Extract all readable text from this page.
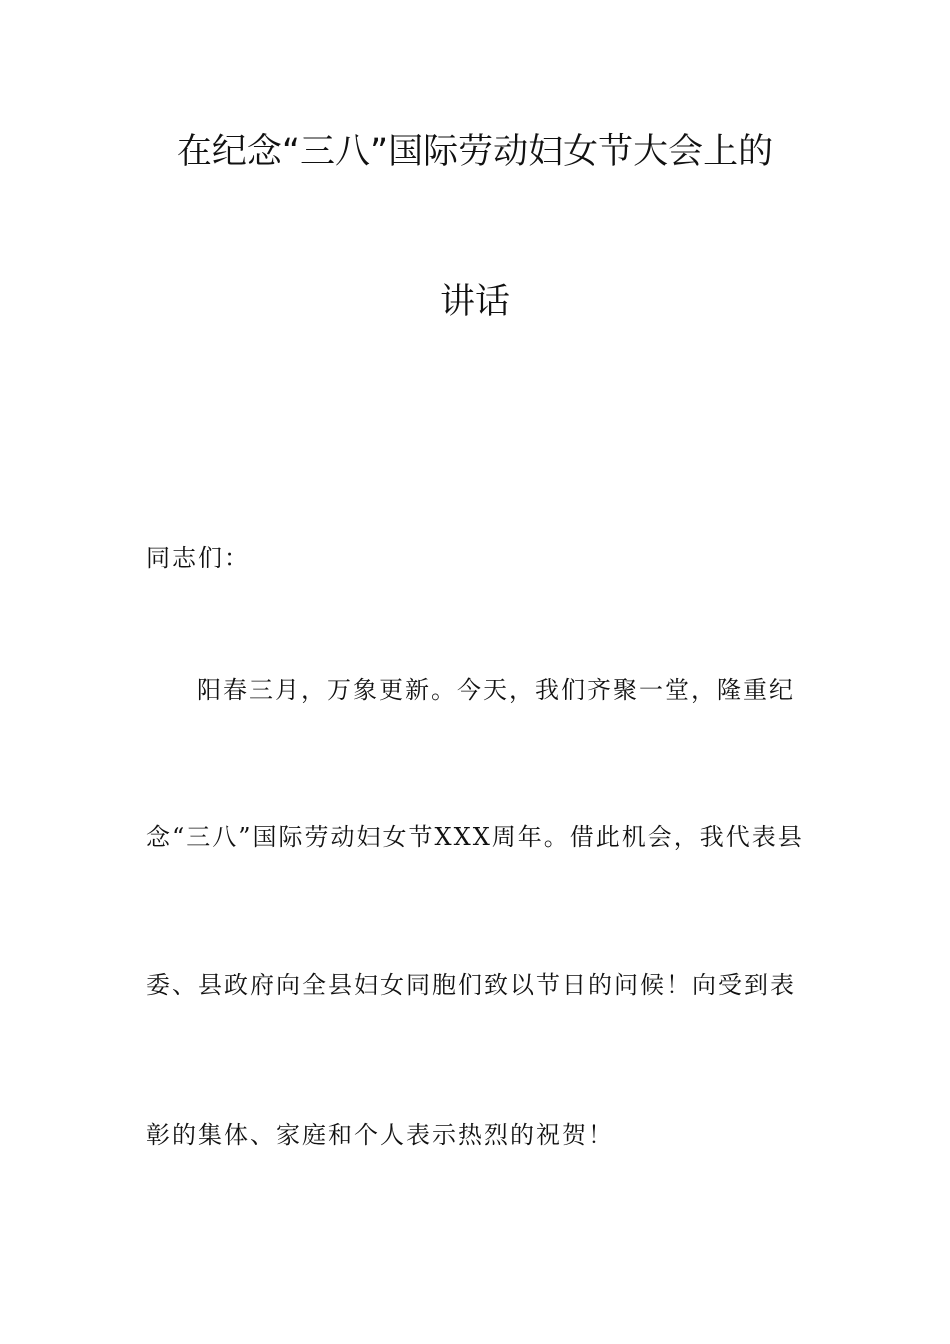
在纪念“三八”国际劳动妇女节大会上的
讲话
同志们：
阳春三月，万象更新。今天，我们齐聚一堂，隆重纪
念“三八”国际劳动妇女节XXX周年。借此机会，我代表县
委、县政府向全县妇女同胞们致以节日的问候！向受到表
彰的集体、家庭和个人表示热烈的祝贺！
